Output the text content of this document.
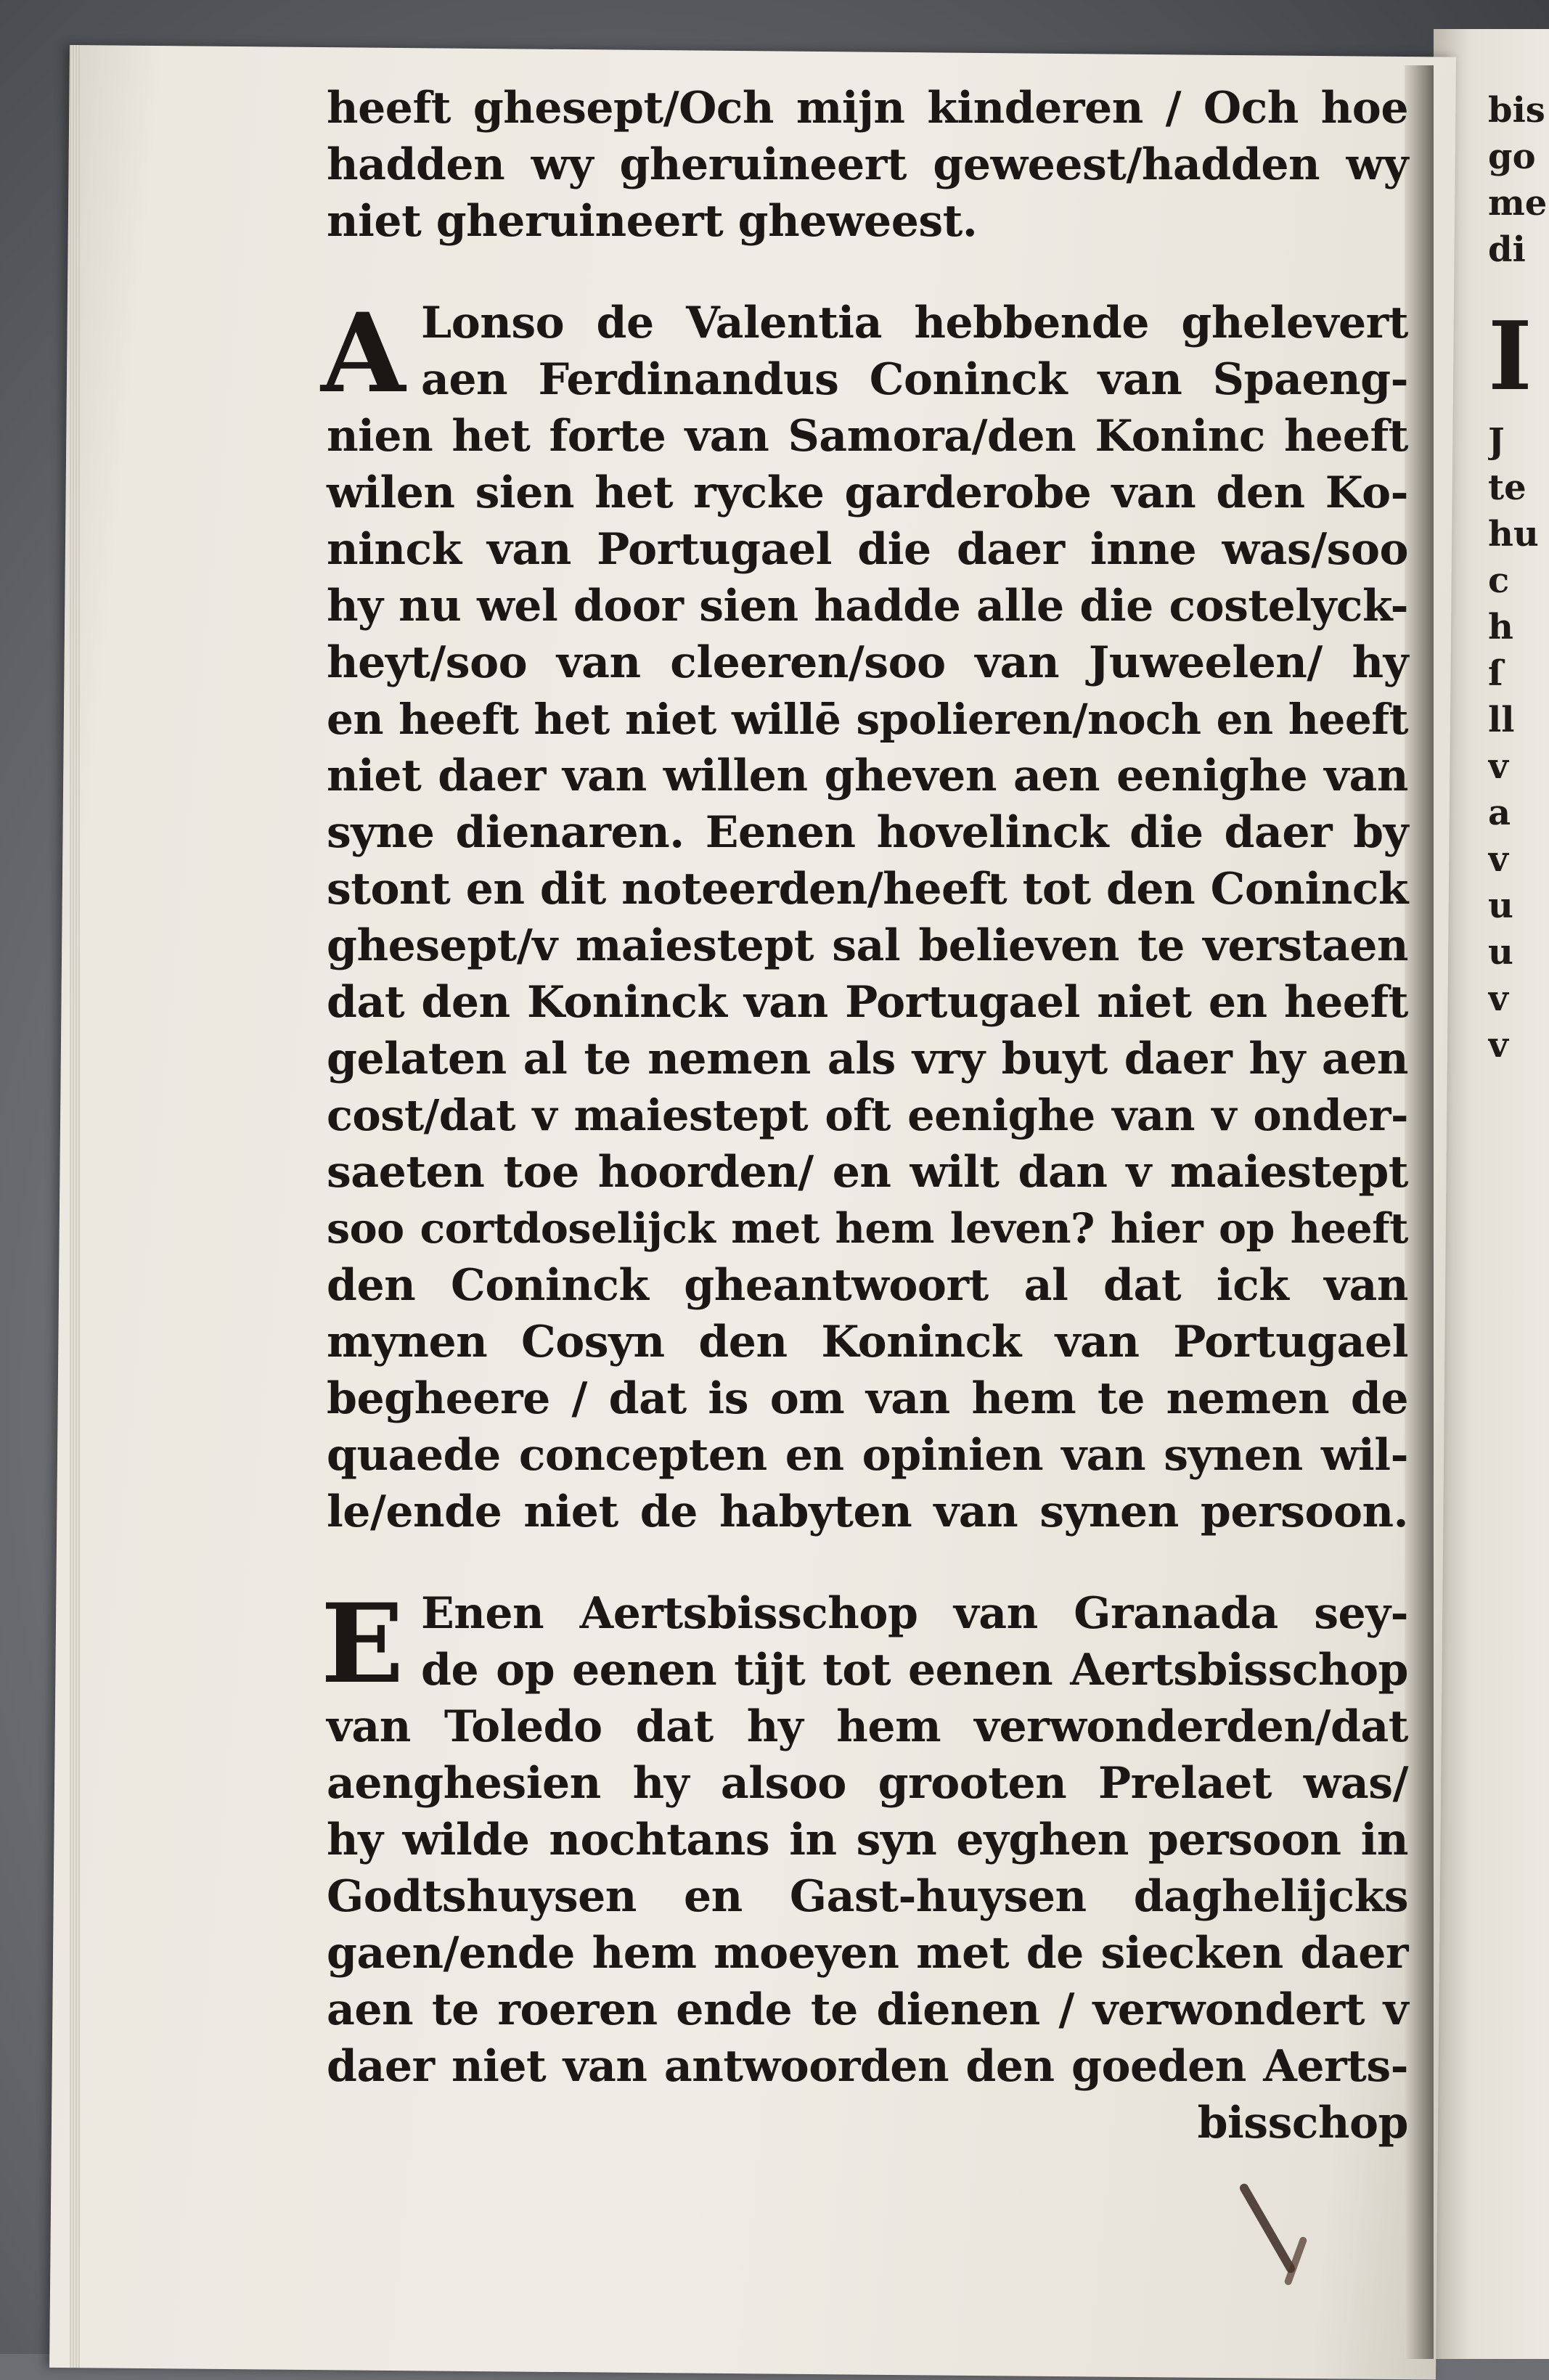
bis
go
me
di
I
J
te
hu
c
h
ſ
ll
v
a
v
u
u
v
v
heeft ghesept/Och mijn kinderen / Och hoe
hadden wy gheruineert geweest/hadden wy
niet gheruineert gheweest.
A Lonso de Valentia hebbende ghelevert
aen Ferdinandus Coninck van Spaeng-
nien het forte van Samora/den Koninc heeft
wilen sien het rycke garderobe van den Ko-
ninck van Portugael die daer inne was/soo
hy nu wel door sien hadde alle die costelyck-
heyt/soo van cleeren/soo van Juweelen/ hy
en heeft het niet willē spolieren/noch en heeft
niet daer van willen gheven aen eenighe van
syne dienaren. Eenen hovelinck die daer by
stont en dit noteerden/heeft tot den Coninck
ghesept/v maiestept sal believen te verstaen
dat den Koninck van Portugael niet en heeft
gelaten al te nemen als vry buyt daer hy aen
cost/dat v maiestept oft eenighe van v onder-
saeten toe hoorden/ en wilt dan v maiestept
soo cortdoselijck met hem leven? hier op heeft
den Coninck gheantwoort al dat ick van
mynen Cosyn den Koninck van Portugael
begheere / dat is om van hem te nemen de
quaede concepten en opinien van synen wil-
le/ende niet de habyten van synen persoon.
E Enen Aertsbisschop van Granada sey-
de op eenen tijt tot eenen Aertsbisschop
van Toledo dat hy hem verwonderden/dat
aenghesien hy alsoo grooten Prelaet was/
hy wilde nochtans in syn eyghen persoon in
Godtshuysen en Gast-huysen daghelijcks
gaen/ende hem moeyen met de siecken daer
aen te roeren ende te dienen / verwondert v
daer niet van antwoorden den goeden Aerts-
bisschop
